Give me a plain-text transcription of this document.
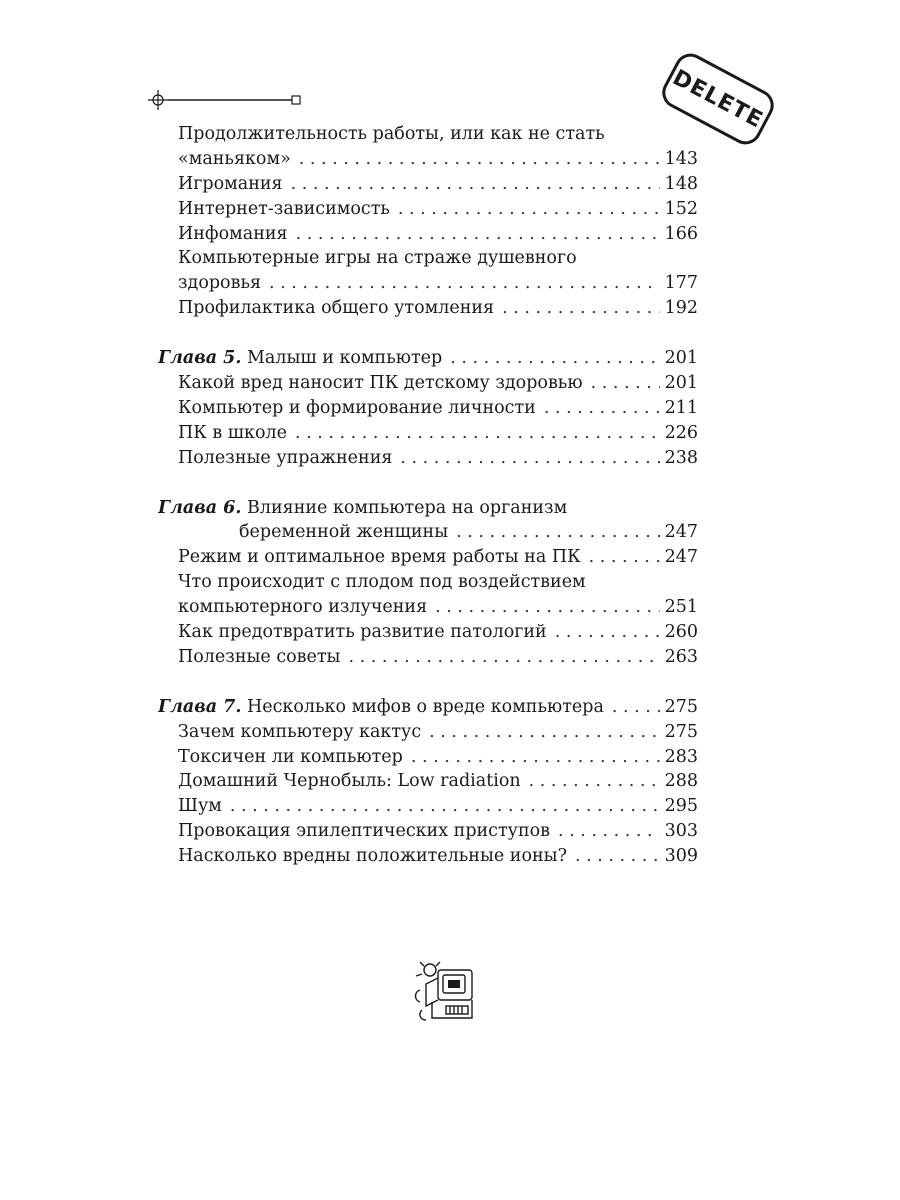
DELETE
Продолжительность работы, или как не стать
«маньяком» . . .	143
Игромания . . .	148
Интернет-зависимость . . .	152
Инфомания . . .	166
Компьютерные игры на страже душевного
здоровья . . .	177
Профилактика общего утомления . . .	192
Глава 5. Малыш и компьютер . . .	201
Какой вред наносит ПК детскому здоровью . . .	201
Компьютер и формирование личности . . .	211
ПК в школе . . .	226
Полезные упражнения . . .	238
Глава 6. Влияние компьютера на организм
беременной женщины . . .	247
Режим и оптимальное время работы на ПК . . .	247
Что происходит с плодом под воздействием
компьютерного излучения . . .	251
Как предотвратить развитие патологий . . .	260
Полезные советы . . .	263
Глава 7. Несколько мифов о вреде компьютера . . .	275
Зачем компьютеру кактус . . .	275
Токсичен ли компьютер . . .	283
Домашний Чернобыль: Low radiation . . .	288
Шум . . .	295
Провокация эпилептических приступов . . .	303
Насколько вредны положительные ионы? . . .	309
